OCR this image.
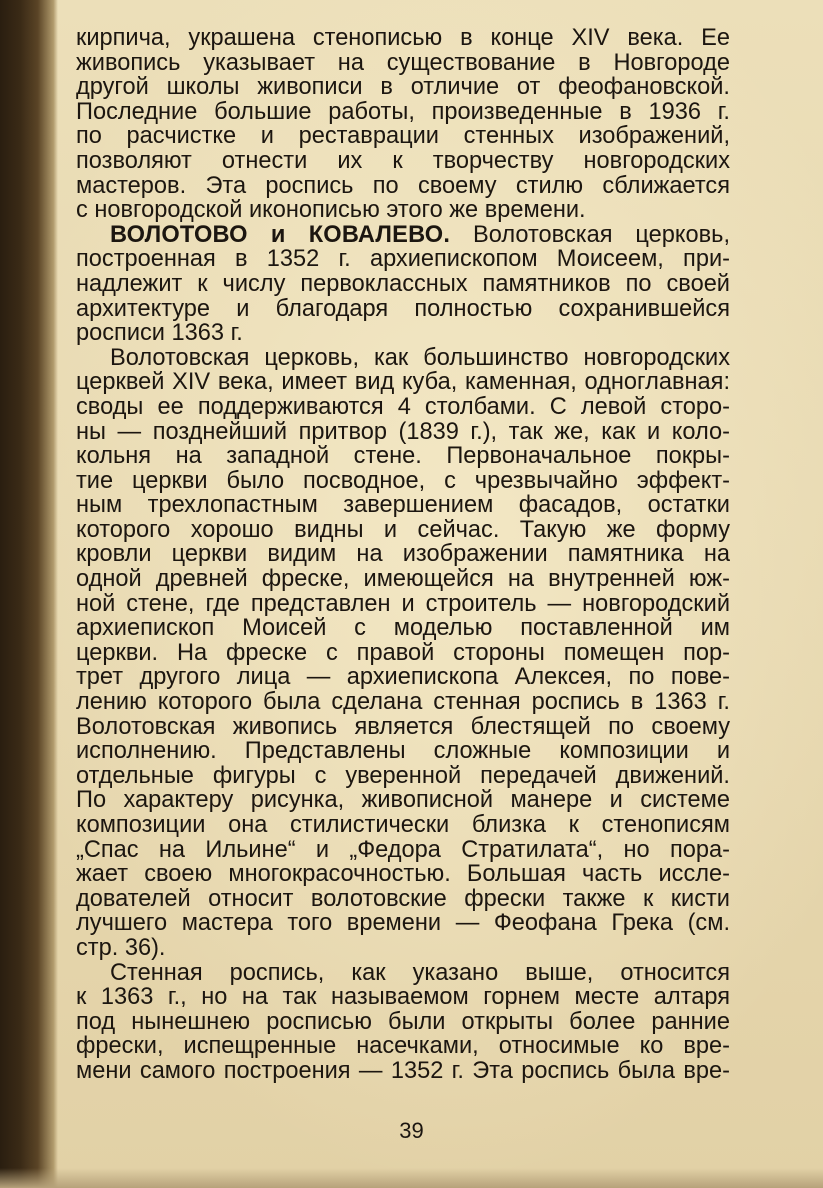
кирпича, украшена стенописью в конце XIV века. Ее
живопись указывает на существование в Новгороде
другой школы живописи в отличие от феофановской.
Последние большие работы, произведенные в 1936 г.
по расчистке и реставрации стенных изображений,
позволяют отнести их к творчеству новгородских
мастеров. Эта роспись по своему стилю сближается
с новгородской иконописью этого же времени.
ВОЛОТОВО и КОВАЛЕВО. Волотовская церковь,
построенная в 1352 г. архиепископом Моисеем, при-
надлежит к числу первоклассных памятников по своей
архитектуре и благодаря полностью сохранившейся
росписи 1363 г.
Волотовская церковь, как большинство новгородских
церквей XIV века, имеет вид куба, каменная, одноглавная:
своды ее поддерживаются 4 столбами. С левой сторо-
ны — позднейший притвор (1839 г.), так же, как и коло-
кольня на западной стене. Первоначальное покры-
тие церкви было посводное, с чрезвычайно эффект-
ным трехлопастным завершением фасадов, остатки
которого хорошо видны и сейчас. Такую же форму
кровли церкви видим на изображении памятника на
одной древней фреске, имеющейся на внутренней юж-
ной стене, где представлен и строитель — новгородский
архиепископ Моисей с моделью поставленной им
церкви. На фреске с правой стороны помещен пор-
трет другого лица — архиепископа Алексея, по пове-
лению которого была сделана стенная роспись в 1363 г.
Волотовская живопись является блестящей по своему
исполнению. Представлены сложные композиции и
отдельные фигуры с уверенной передачей движений.
По характеру рисунка, живописной манере и системе
композиции она стилистически близка к стенописям
„Спас на Ильине“ и „Федора Стратилата“, но пора-
жает своею многокрасочностью. Большая часть иссле-
дователей относит волотовские фрески также к кисти
лучшего мастера того времени — Феофана Грека (см.
стр. 36).
Стенная роспись, как указано выше, относится
к 1363 г., но на так называемом горнем месте алтаря
под нынешнею росписью были открыты более ранние
фрески, испещренные насечками, относимые ко вре-
мени самого построения — 1352 г. Эта роспись была вре-
39
